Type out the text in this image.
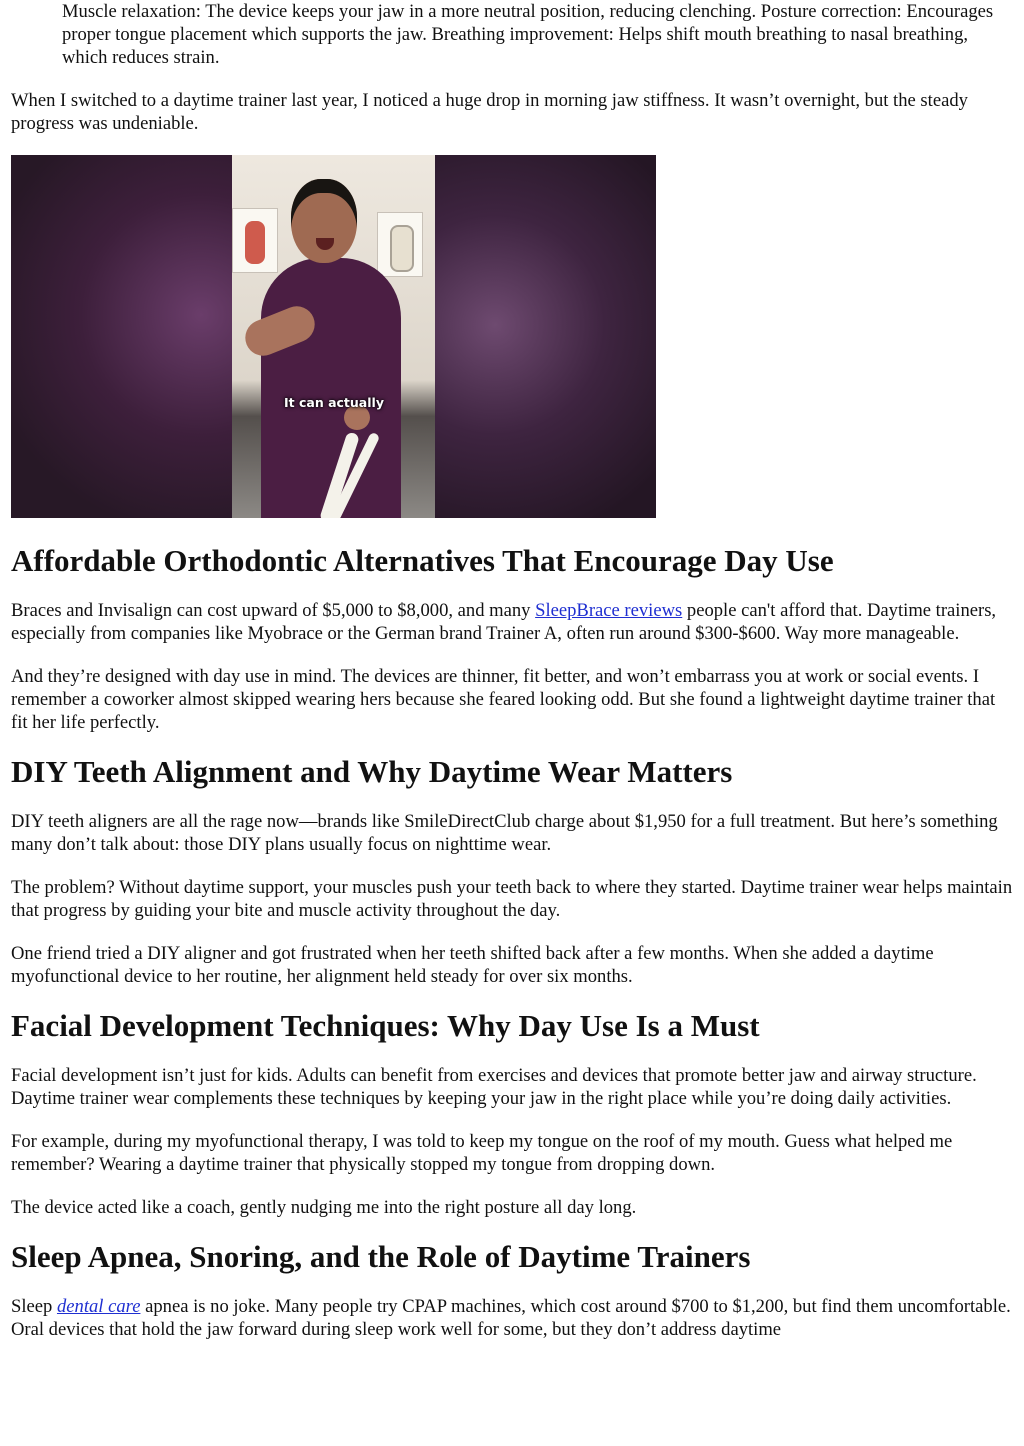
Muscle relaxation: The device keeps your jaw in a more neutral position, reducing clenching. Posture correction: Encourages proper tongue placement which supports the jaw. Breathing improvement: Helps shift mouth breathing to nasal breathing, which reduces strain.

When I switched to a daytime trainer last year, I noticed a huge drop in morning jaw stiffness. It wasn’t overnight, but the steady progress was undeniable.

It can actually
Affordable Orthodontic Alternatives That Encourage Day Use

Braces and Invisalign can cost upward of $5,000 to $8,000, and many SleepBrace reviews people can't afford that. Daytime trainers, especially from companies like Myobrace or the German brand Trainer A, often run around $300-$600. Way more manageable.

And they’re designed with day use in mind. The devices are thinner, fit better, and won’t embarrass you at work or social events. I remember a coworker almost skipped wearing hers because she feared looking odd. But she found a lightweight daytime trainer that fit her life perfectly.

DIY Teeth Alignment and Why Daytime Wear Matters

DIY teeth aligners are all the rage now—brands like SmileDirectClub charge about $1,950 for a full treatment. But here’s something many don’t talk about: those DIY plans usually focus on nighttime wear.

The problem? Without daytime support, your muscles push your teeth back to where they started. Daytime trainer wear helps maintain that progress by guiding your bite and muscle activity throughout the day.

One friend tried a DIY aligner and got frustrated when her teeth shifted back after a few months. When she added a daytime myofunctional device to her routine, her alignment held steady for over six months.

Facial Development Techniques: Why Day Use Is a Must

Facial development isn’t just for kids. Adults can benefit from exercises and devices that promote better jaw and airway structure. Daytime trainer wear complements these techniques by keeping your jaw in the right place while you’re doing daily activities.

For example, during my myofunctional therapy, I was told to keep my tongue on the roof of my mouth. Guess what helped me remember? Wearing a daytime trainer that physically stopped my tongue from dropping down.

The device acted like a coach, gently nudging me into the right posture all day long.

Sleep Apnea, Snoring, and the Role of Daytime Trainers

Sleep dental care apnea is no joke. Many people try CPAP machines, which cost around $700 to $1,200, but find them uncomfortable. Oral devices that hold the jaw forward during sleep work well for some, but they don’t address daytime
